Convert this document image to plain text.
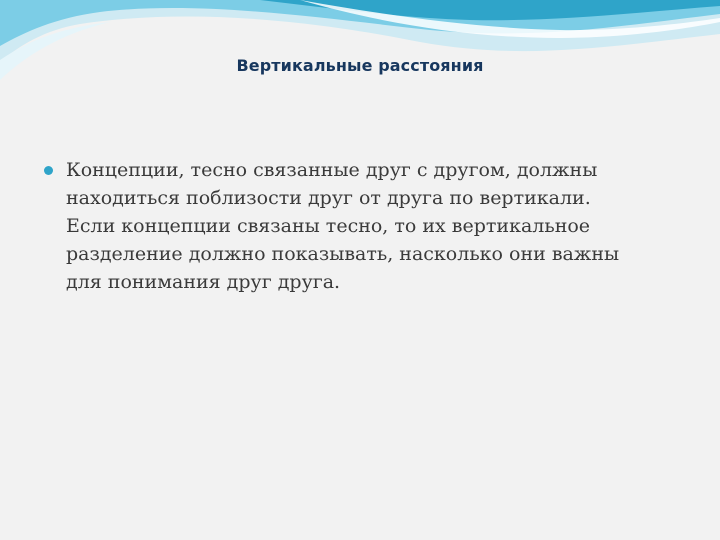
Вертикальные расстояния

Концепции, тесно связанные друг с другом, должны
находиться поблизости друг от друга по вертикали.
Если концепции связаны тесно, то их вертикальное
разделение должно показывать, насколько они важны
для понимания друг друга.
